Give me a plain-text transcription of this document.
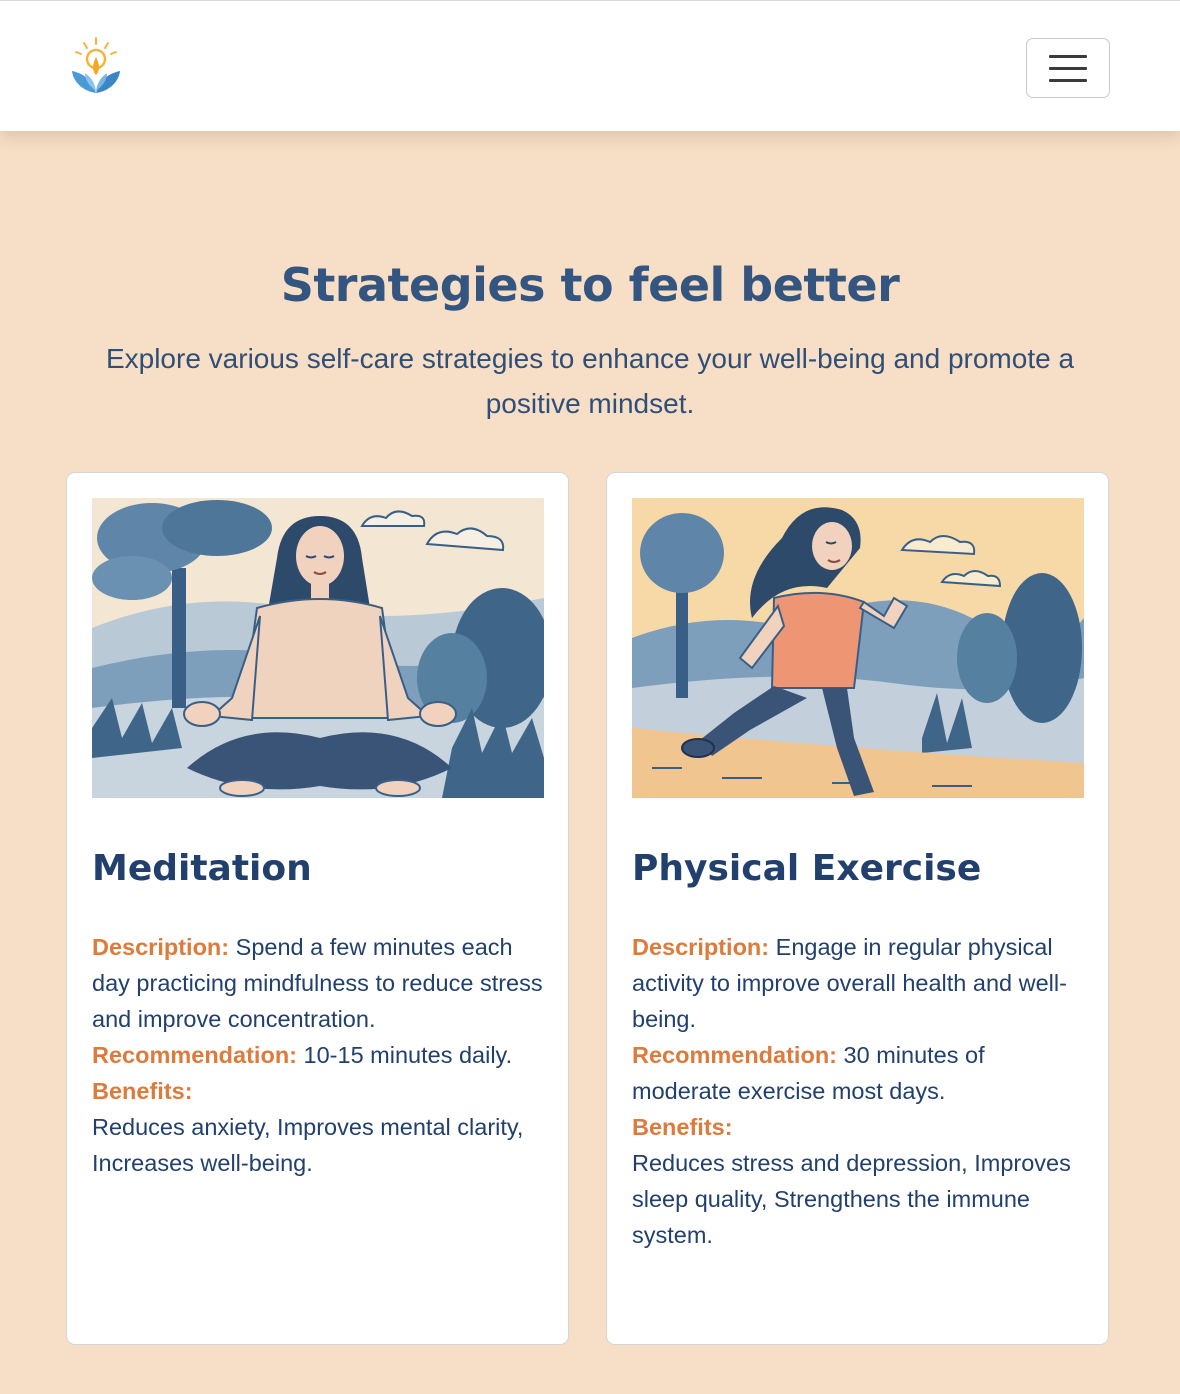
Strategies to feel better

Explore various self-care strategies to enhance your well-being and promote a positive mindset.

Meditation
Description: Spend a few minutes each day practicing mindfulness to reduce stress and improve concentration.
Recommendation: 10-15 minutes daily.
Benefits:
Reduces anxiety, Improves mental clarity, Increases well-being.
Physical Exercise
Description: Engage in regular physical activity to improve overall health and well-being.
Recommendation: 30 minutes of moderate exercise most days.
Benefits:
Reduces stress and depression, Improves sleep quality, Strengthens the immune system.
